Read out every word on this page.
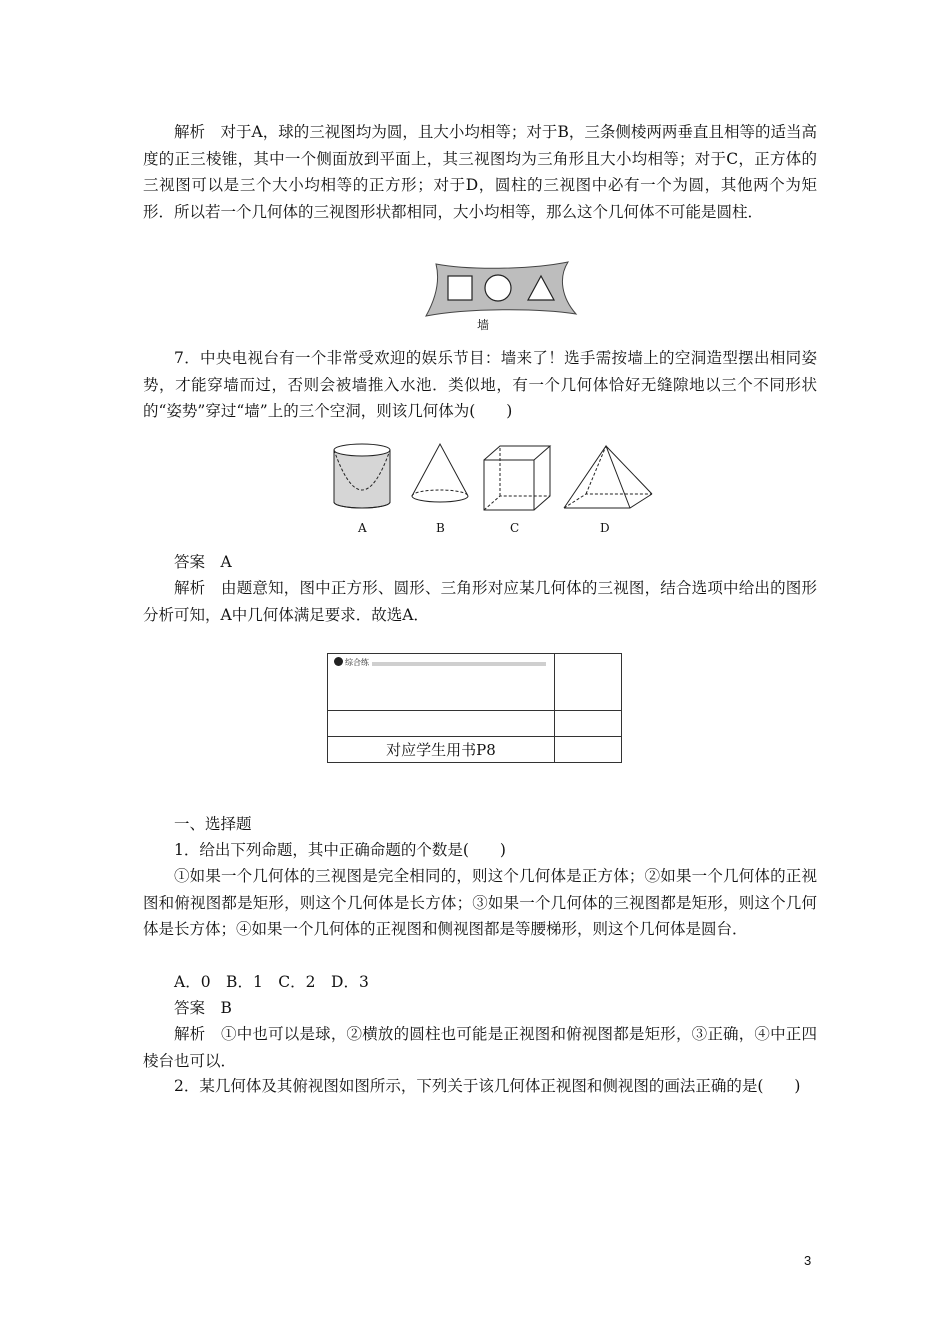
解析　对于A，球的三视图均为圆，且大小均相等；对于B，三条侧棱两两垂直且相等的适当高度的正三棱锥，其中一个侧面放到平面上，其三视图均为三角形且大小均相等；对于C，正方体的三视图可以是三个大小均相等的正方形；对于D，圆柱的三视图中必有一个为圆，其他两个为矩形．所以若一个几何体的三视图形状都相同，大小均相等，那么这个几何体不可能是圆柱．

墙

7．中央电视台有一个非常受欢迎的娱乐节目：墙来了！选手需按墙上的空洞造型摆出相同姿势，才能穿墙而过，否则会被墙推入水池．类似地，有一个几何体恰好无缝隙地以三个不同形状的“姿势”穿过“墙”上的三个空洞，则该几何体为(　　)

A	B	C	D

答案　A

解析　由题意知，图中正方形、圆形、三角形对应某几何体的三视图，结合选项中给出的图形分析可知，A中几何体满足要求．故选A．

综合练
对应学生用书P8

一、选择题

1．给出下列命题，其中正确命题的个数是(　　)

①如果一个几何体的三视图是完全相同的，则这个几何体是正方体；②如果一个几何体的正视图和俯视图都是矩形，则这个几何体是长方体；③如果一个几何体的三视图都是矩形，则这个几何体是长方体；④如果一个几何体的正视图和侧视图都是等腰梯形，则这个几何体是圆台．

A．0　B．1　C．2　D．3

答案　B

解析　①中也可以是球，②横放的圆柱也可能是正视图和俯视图都是矩形，③正确，④中正四棱台也可以．

2．某几何体及其俯视图如图所示，下列关于该几何体正视图和侧视图的画法正确的是(　　)

3
